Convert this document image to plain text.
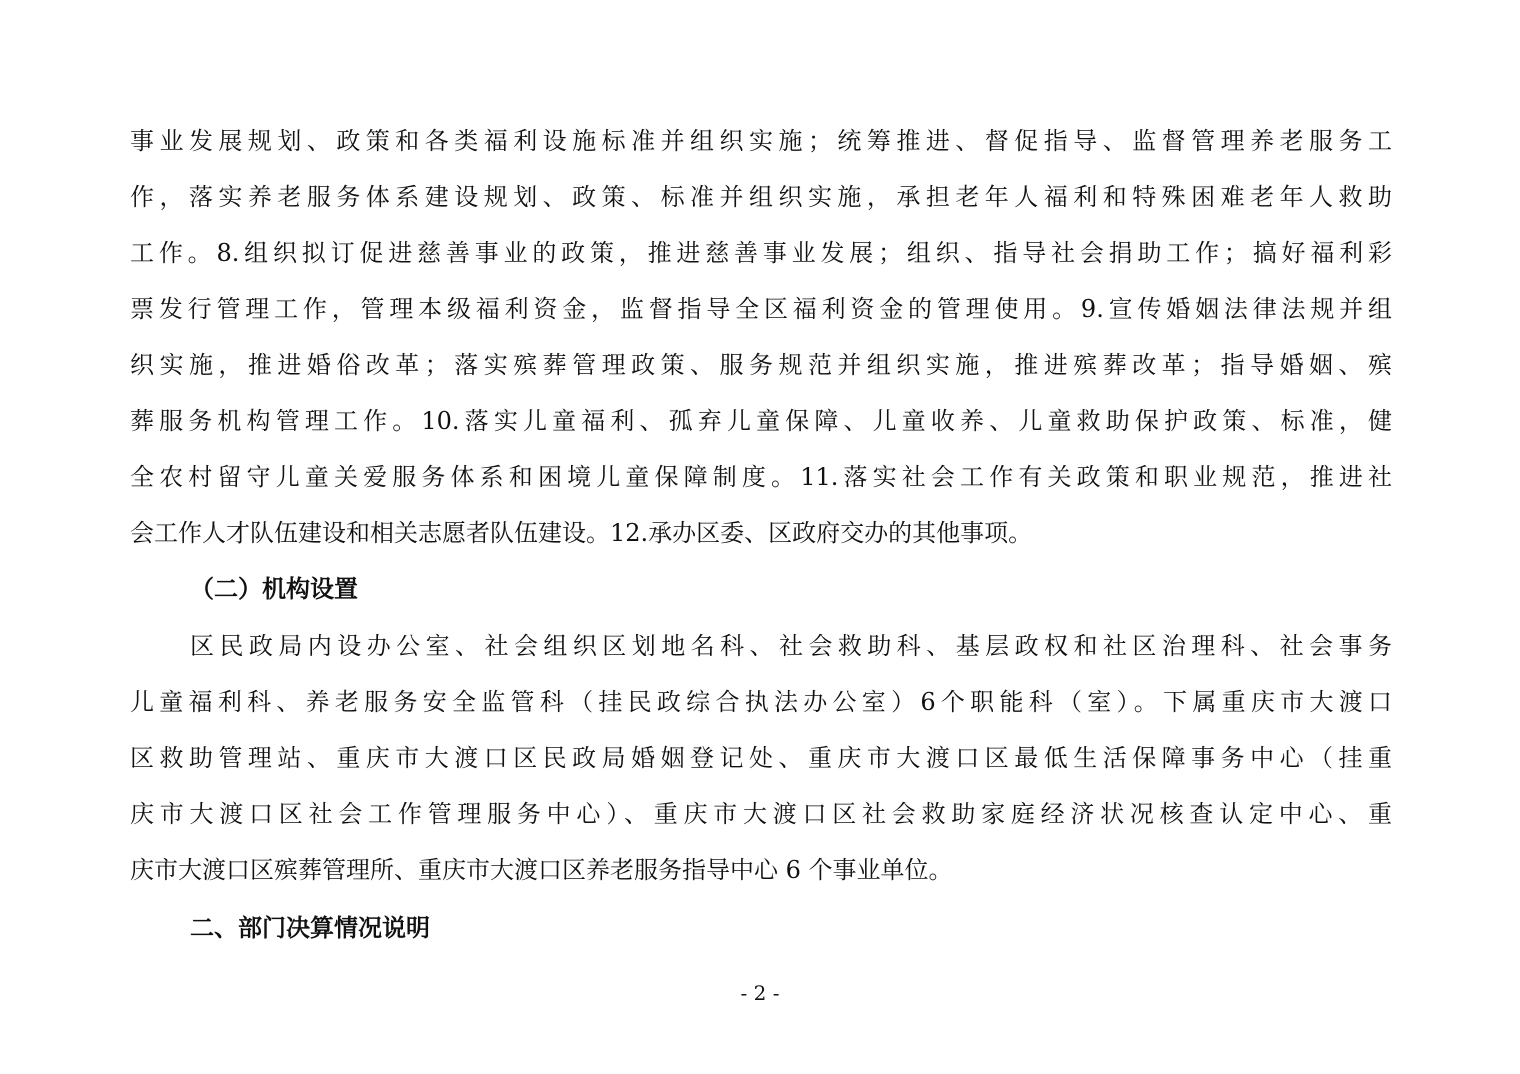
事业发展规划、政策和各类福利设施标准并组织实施；统筹推进、督促指导、监督管理养老服务工
作，落实养老服务体系建设规划、政策、标准并组织实施，承担老年人福利和特殊困难老年人救助
工作。8.组织拟订促进慈善事业的政策，推进慈善事业发展；组织、指导社会捐助工作；搞好福利彩
票发行管理工作，管理本级福利资金，监督指导全区福利资金的管理使用。9.宣传婚姻法律法规并组
织实施，推进婚俗改革；落实殡葬管理政策、服务规范并组织实施，推进殡葬改革；指导婚姻、殡
葬服务机构管理工作。10.落实儿童福利、孤弃儿童保障、儿童收养、儿童救助保护政策、标准，健
全农村留守儿童关爱服务体系和困境儿童保障制度。11.落实社会工作有关政策和职业规范，推进社
会工作人才队伍建设和相关志愿者队伍建设。12.承办区委、区政府交办的其他事项。
（二）机构设置
区民政局内设办公室、社会组织区划地名科、社会救助科、基层政权和社区治理科、社会事务
儿童福利科、养老服务安全监管科（挂民政综合执法办公室）6个职能科（室）。下属重庆市大渡口
区救助管理站、重庆市大渡口区民政局婚姻登记处、重庆市大渡口区最低生活保障事务中心（挂重
庆市大渡口区社会工作管理服务中心）、重庆市大渡口区社会救助家庭经济状况核查认定中心、重
庆市大渡口区殡葬管理所、重庆市大渡口区养老服务指导中心 6 个事业单位。
二、部门决算情况说明
- 2 -
